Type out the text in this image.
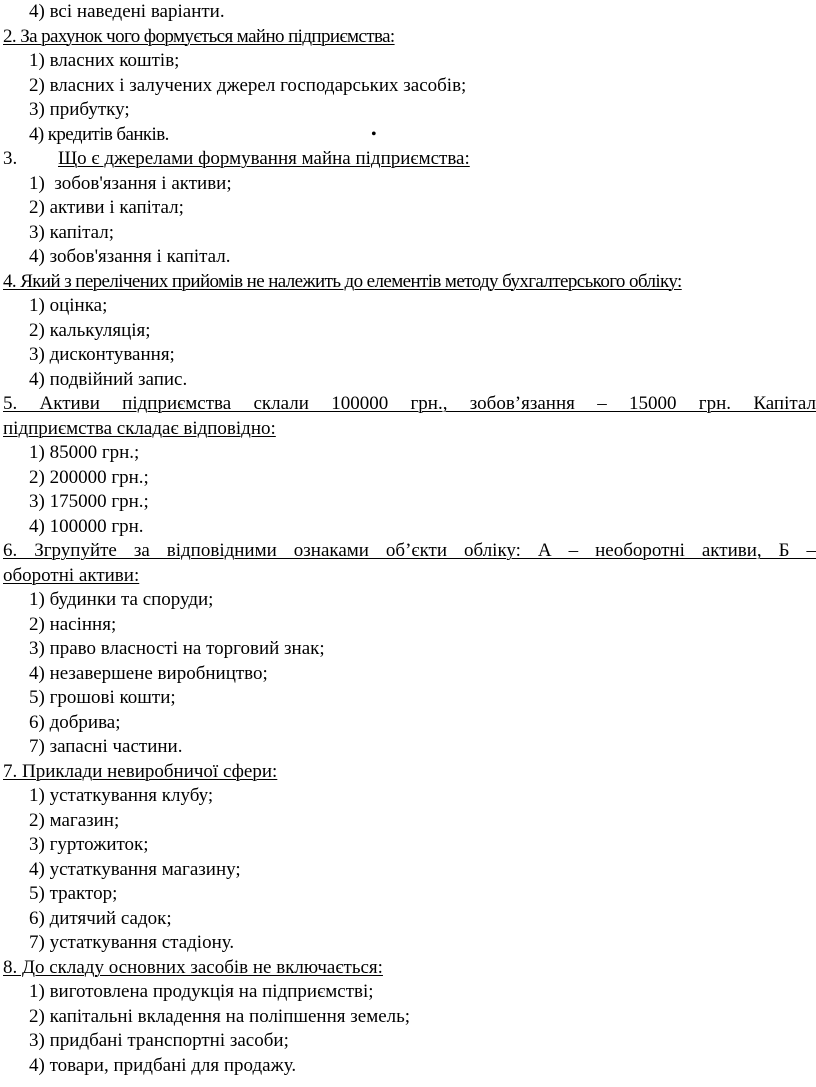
4) всі наведені варіанти.
2. За рахунок чого формується майно підприємства:
1) власних коштів;
2) власних і залучених джерел господарських засобів;
3) прибутку;
4) кредитів банків.	•
3. Що є джерелами формування майна підприємства:
1)  зобов'язання і активи;
2) активи і капітал;
3) капітал;
4) зобов'язання і капітал.
4. Який з перелічених прийомів не належить до елементів методу бухгалтерського обліку:
1) оцінка;
2) калькуляція;
3) дисконтування;
4) подвійний запис.
5. Активи підприємства склали 100000 грн., зобов’язання – 15000 грн. Капітал
підприємства складає відповідно:
1) 85000 грн.;
2) 200000 грн.;
3) 175000 грн.;
4) 100000 грн.
6. Згрупуйте за відповідними ознаками об’єкти обліку: А – необоротні активи, Б –
оборотні активи:
1) будинки та споруди;
2) насіння;
3) право власності на торговий знак;
4) незавершене виробництво;
5) грошові кошти;
6) добрива;
7) запасні частини.
7. Приклади невиробничої сфери:
1) устаткування клубу;
2) магазин;
3) гуртожиток;
4) устаткування магазину;
5) трактор;
6) дитячий садок;
7) устаткування стадіону.
8. До складу основних засобів не включається:
1) виготовлена продукція на підприємстві;
2) капітальні вкладення на поліпшення земель;
3) придбані транспортні засоби;
4) товари, придбані для продажу.
